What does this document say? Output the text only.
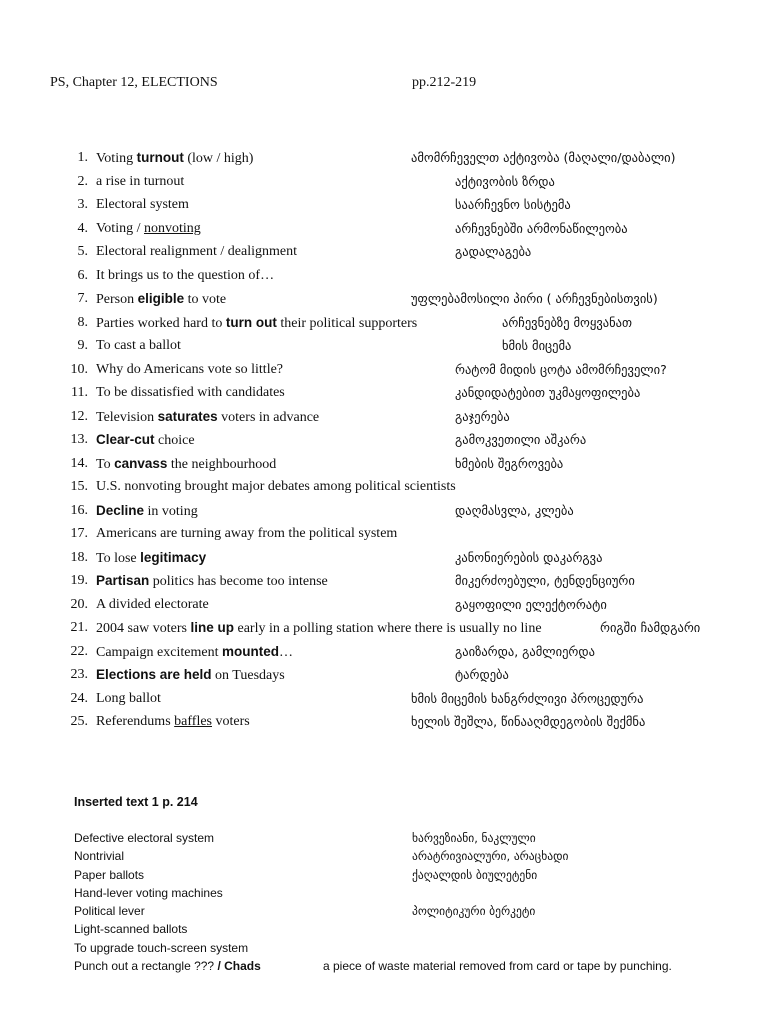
PS, Chapter 12, ELECTIONS	pp.212-219
1. Voting turnout (low / high)	ამომრჩეველთ აქტივობა (მაღალი/დაბალი)
2. a rise in turnout	აქტივობის ზრდა
3. Electoral system	საარჩევნო სისტემა
4. Voting / nonvoting	არჩევნებში არმონაწილეობა
5. Electoral realignment / dealignment	გადალაგება
6. It brings us to the question of…
7. Person eligible to vote	უფლებამოსილი პირი ( არჩევნებისთვის)
8. Parties worked hard to turn out their political supporters	არჩევნებზე მოყვანათ
9. To cast a ballot	ხმის მიცემა
10. Why do Americans vote so little?	რატომ მიდის ცოტა ამომრჩეველი?
11. To be dissatisfied with candidates	კანდიდატებით უკმაყოფილება
12. Television saturates voters in advance	გაჯერება
13. Clear-cut choice	გამოკვეთილი აშკარა
14. To canvass the neighbourhood	ხმების შეგროვება
15. U.S. nonvoting brought major debates among political scientists
16. Decline in voting	დაღმასვლა, კლება
17. Americans are turning away from the political system
18. To lose legitimacy	კანონიერების დაკარგვა
19. Partisan politics has become too intense	მიკერძოებული, ტენდენციური
20. A divided electorate	გაყოფილი ელექტორატი
21. 2004 saw voters line up early in a polling station where there is usually no line	რიგში ჩამდგარი
22. Campaign excitement mounted…	გაიზარდა, გამლიერდა
23. Elections are held on Tuesdays	ტარდება
24. Long ballot	ხმის მიცემის ხანგრძლივი პროცედურა
25. Referendums baffles voters	ხელის შეშლა, წინააღმდეგობის შექმნა
Inserted text 1 p. 214
Defective electoral system	ხარვეზიანი, ნაკლული
Nontrivial	არატრივიალური, არაცხადი
Paper ballots	ქაღალდის ბიულეტენი
Hand-lever voting machines
Political lever	პოლიტიკური ბერკეტი
Light-scanned ballots
To upgrade touch-screen system
Punch out a rectangle ??? / Chads	a piece of waste material removed from card or tape by punching.
